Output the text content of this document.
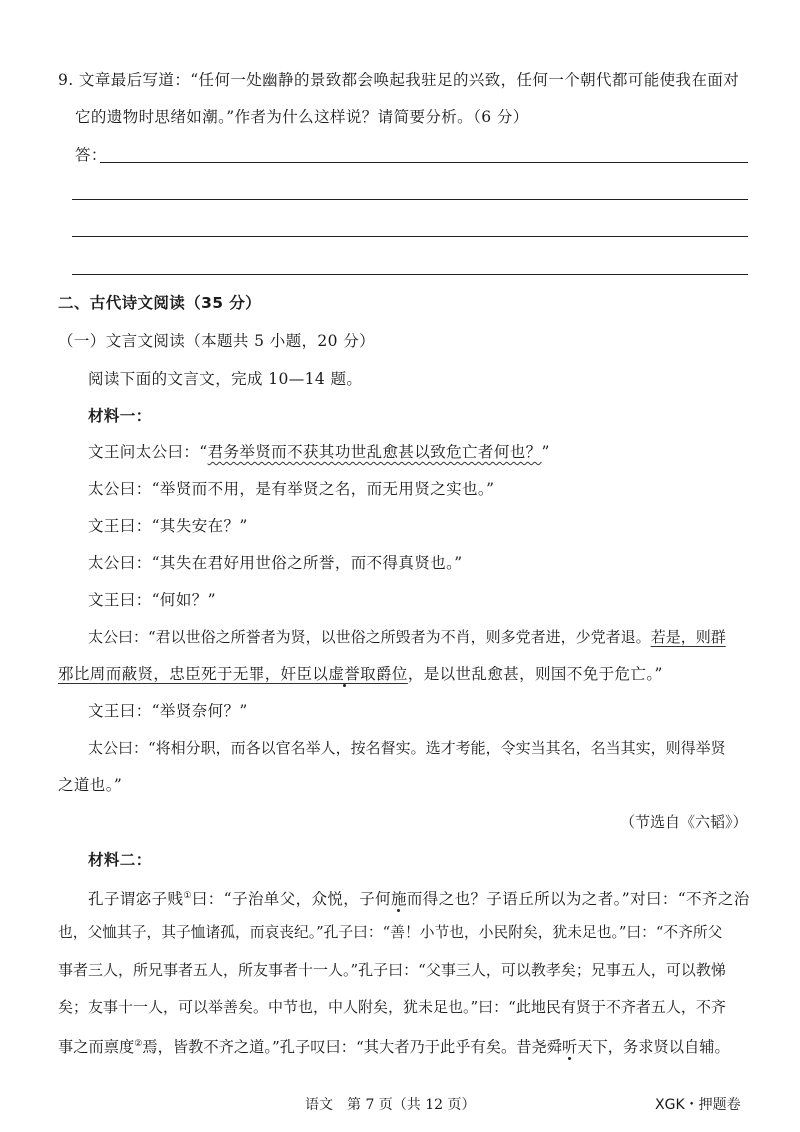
9. 文章最后写道：“任何一处幽静的景致都会唤起我驻足的兴致，任何一个朝代都可能使我在面对
它的遗物时思绪如潮。”作者为什么这样说？请简要分析。（6 分）
答：
二、古代诗文阅读（35 分）
（一）文言文阅读（本题共 5 小题，20 分）
阅读下面的文言文，完成 10—14 题。
材料一：
文王问太公曰：“君务举贤而不获其功世乱愈甚以致危亡者何也？”
太公曰：“举贤而不用，是有举贤之名，而无用贤之实也。”
文王曰：“其失安在？”
太公曰：“其失在君好用世俗之所誉，而不得真贤也。”
文王曰：“何如？”
太公曰：“君以世俗之所誉者为贤，以世俗之所毁者为不肖，则多党者进，少党者退。若是，则群
邪比周而蔽贤，忠臣死于无罪，奸臣以虚誉取爵位，是以世乱愈甚，则国不免于危亡。”
文王曰：“举贤奈何？”
太公曰：“将相分职，而各以官名举人，按名督实。选才考能，令实当其名，名当其实，则得举贤
之道也。”
（节选自《六韬》）
材料二：
孔子谓宓子贱①曰：“子治单父，众悦，子何施而得之也？子语丘所以为之者。”对曰：“不齐之治
也，父恤其子，其子恤诸孤，而哀丧纪。”孔子曰：“善！小节也，小民附矣，犹未足也。”曰：“不齐所父
事者三人，所兄事者五人，所友事者十一人。”孔子曰：“父事三人，可以教孝矣；兄事五人，可以教悌
矣；友事十一人，可以举善矣。中节也，中人附矣，犹未足也。”曰：“此地民有贤于不齐者五人，不齐
事之而禀度②焉，皆教不齐之道。”孔子叹曰：“其大者乃于此乎有矣。昔尧舜听天下，务求贤以自辅。
语文　第 7 页（共 12 页）	XGK・押题卷
